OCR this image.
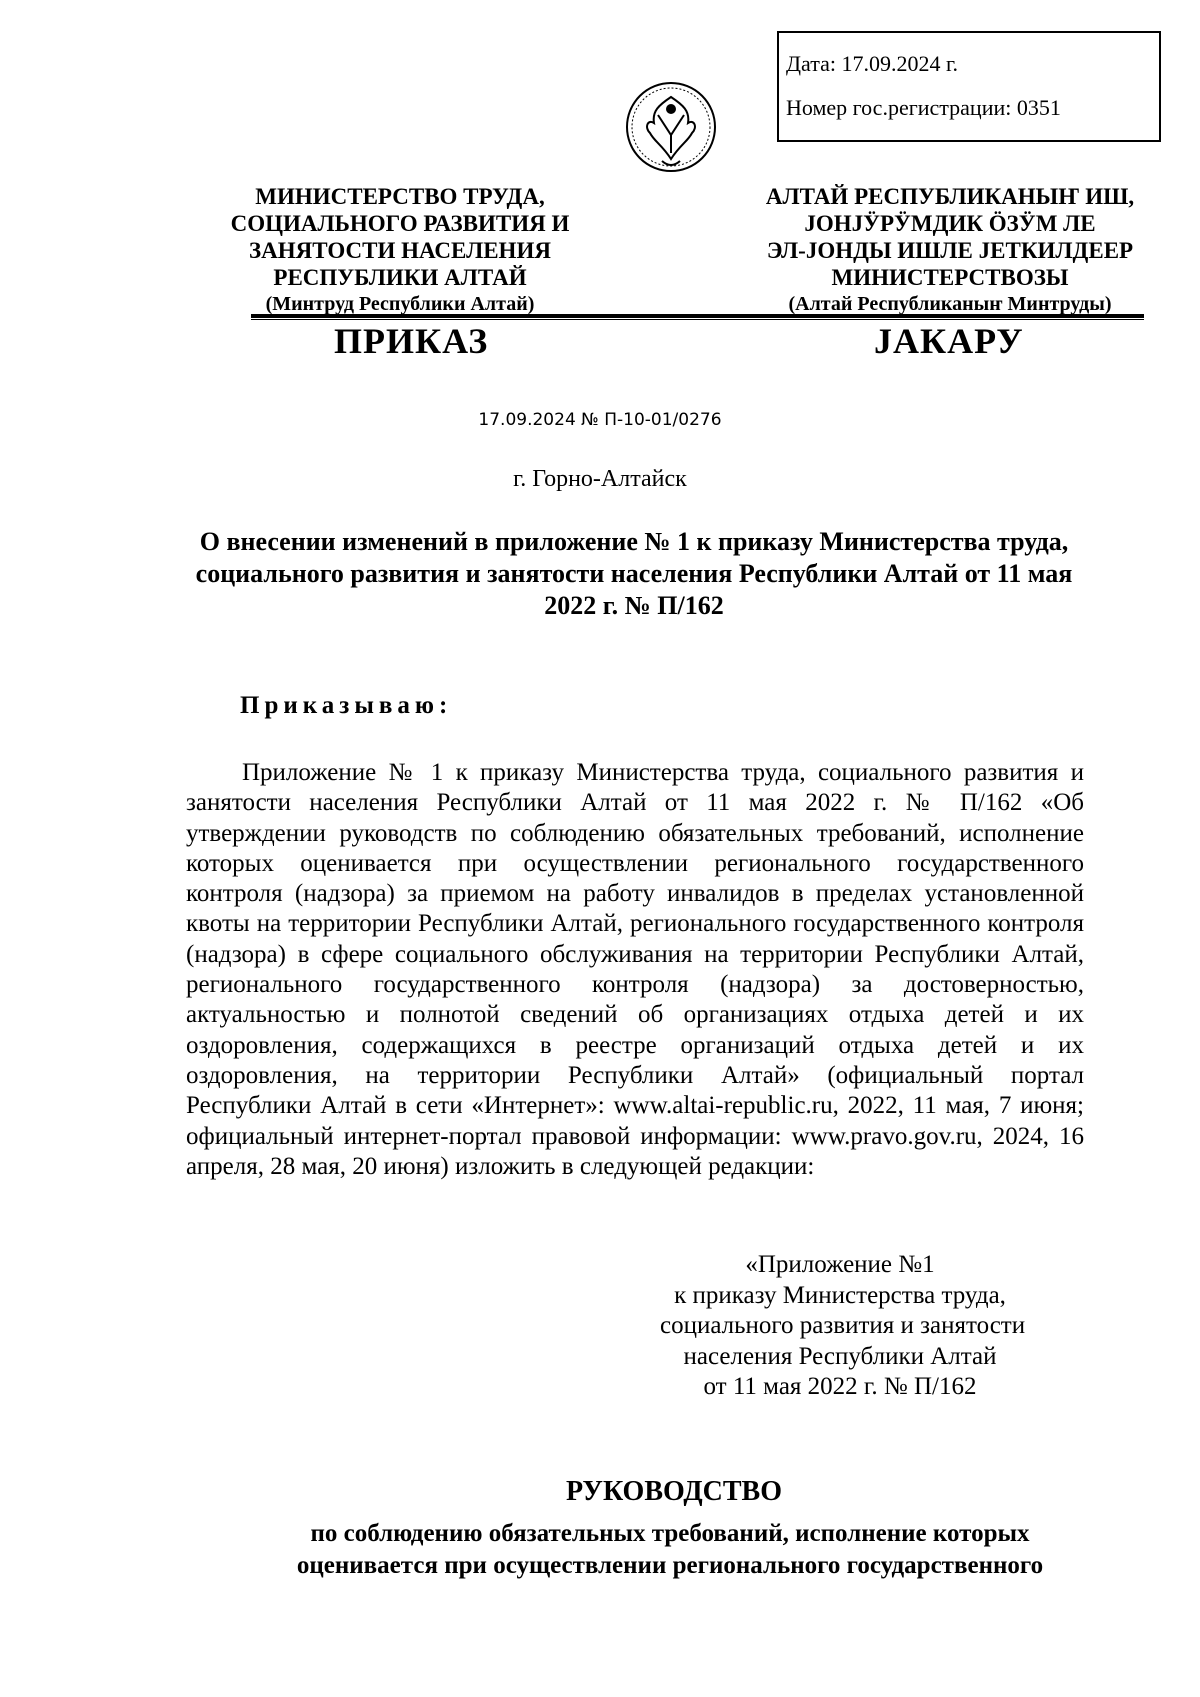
Дата: 17.09.2024 г.
Номер гос.регистрации: 0351
МИНИСТЕРСТВО ТРУДА,
СОЦИАЛЬНОГО РАЗВИТИЯ И
ЗАНЯТОСТИ НАСЕЛЕНИЯ
РЕСПУБЛИКИ АЛТАЙ
(Минтруд Республики Алтай)
АЛТАЙ РЕСПУБЛИКАНЫҤ ИШ,
ЈОНЈӰРӰМДИК ÖЗӰМ ЛЕ
ЭЛ-ЈОНДЫ ИШЛЕ ЈЕТКИЛДЕЕР
МИНИСТЕРСТВОЗЫ
(Алтай Республиканыҥ Минтруды)
ПРИКАЗ	ЈАКАРУ
17.09.2024 № П-10-01/0276
г. Горно-Алтайск
О внесении изменений в приложение № 1 к приказу Министерства труда, социального развития и занятости населения Республики Алтай от 11 мая 2022 г. № П/162
Приказываю:

Приложение № 1 к приказу Министерства труда, социального развития и занятости населения Республики Алтай от 11 мая 2022 г. № П/162 «Об утверждении руководств по соблюдению обязательных требований, исполнение которых оценивается при осуществлении регионального государственного контроля (надзора) за приемом на работу инвалидов в пределах установленной квоты на территории Республики Алтай, регионального государственного контроля (надзора) в сфере социального обслуживания на территории Республики Алтай, регионального государственного контроля (надзора) за достоверностью, актуальностью и полнотой сведений об организациях отдыха детей и их оздоровления, содержащихся в реестре организаций отдыха детей и их оздоровления, на территории Республики Алтай» (официальный портал Республики Алтай в сети «Интернет»: www.altai-republic.ru, 2022, 11 мая, 7 июня; официальный интернет-портал правовой информации: www.pravo.gov.ru, 2024, 16 апреля, 28 мая, 20 июня) изложить в следующей редакции:

«Приложение №1
к приказу Министерства труда,
социального развития и занятости
населения Республики Алтай
от 11 мая 2022 г. № П/162
РУКОВОДСТВО
по соблюдению обязательных требований, исполнение которых
оценивается при осуществлении регионального государственного
